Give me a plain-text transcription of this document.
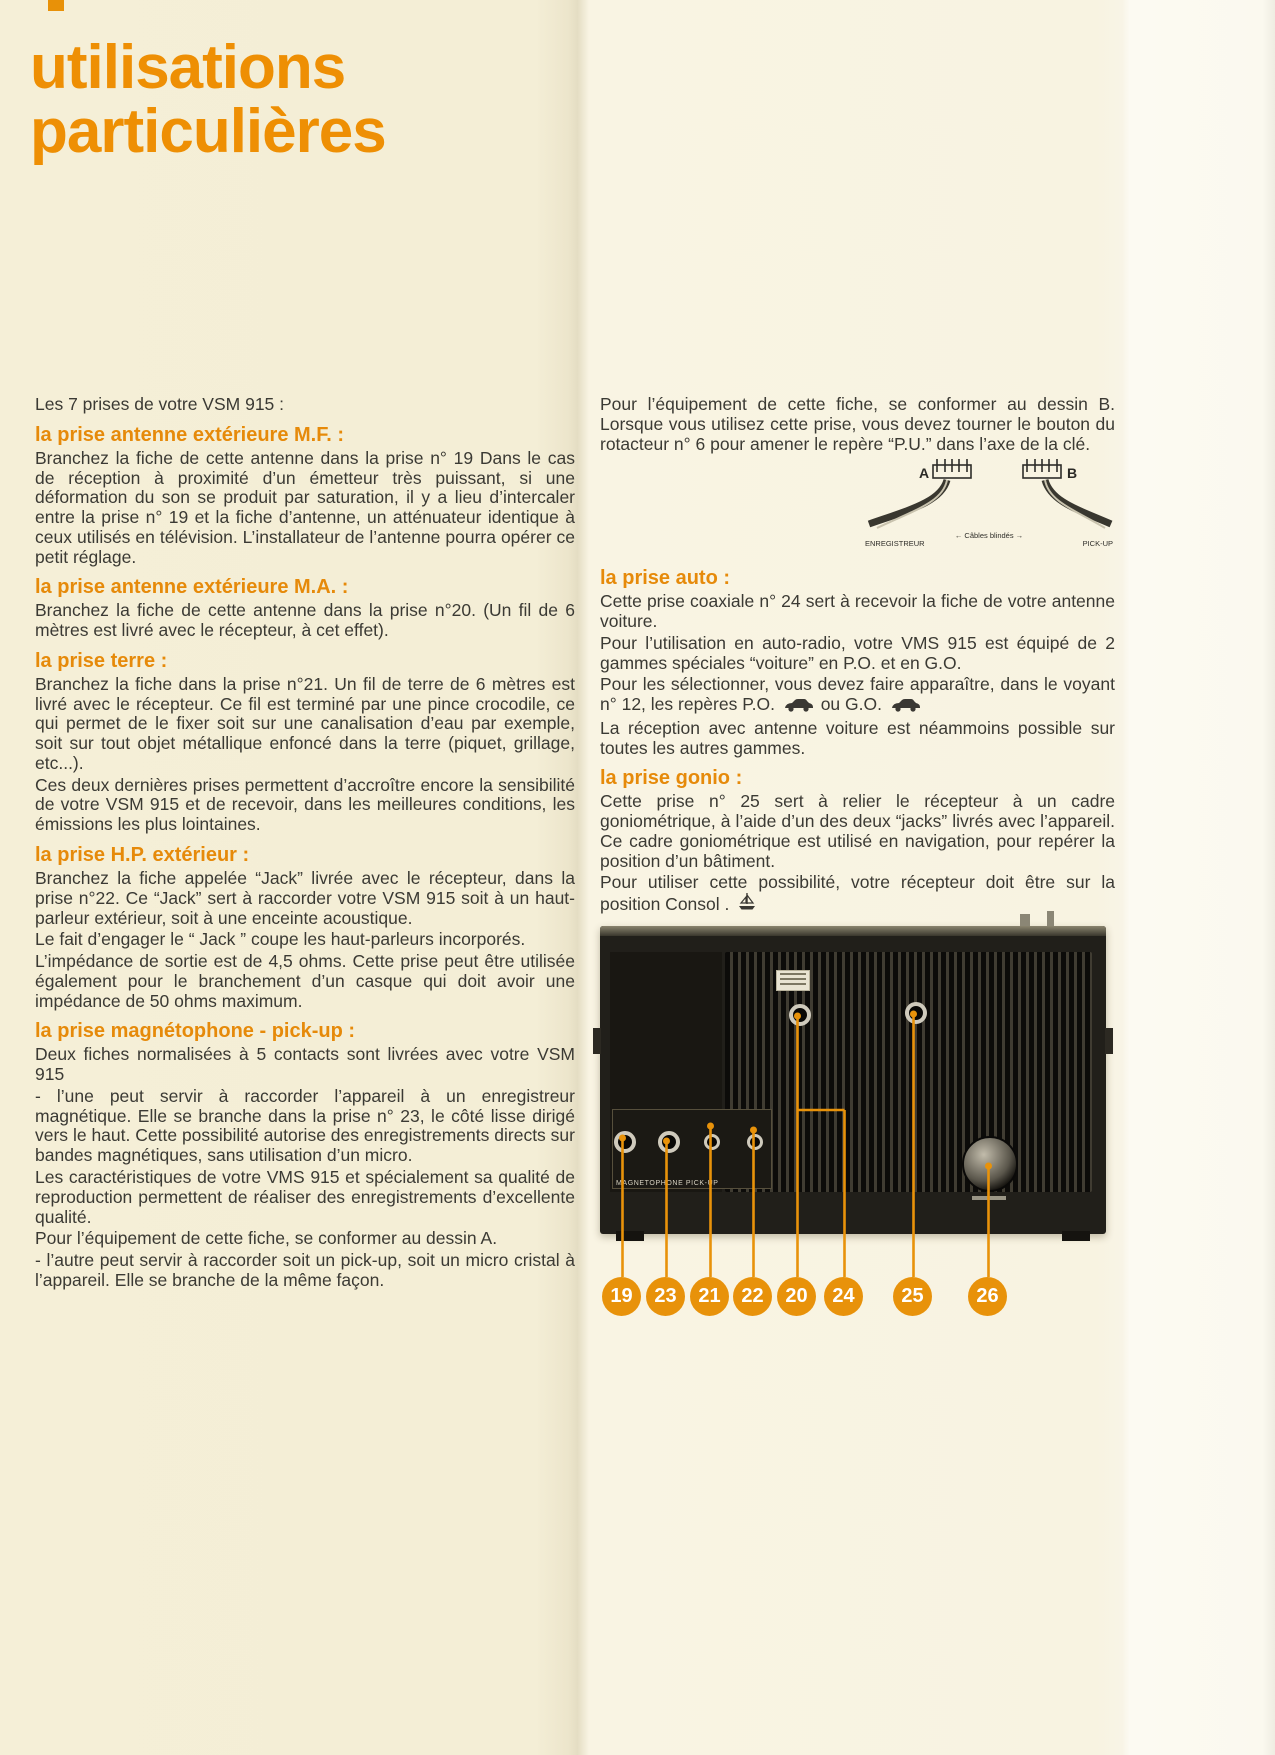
utilisations
particulières

Les 7 prises de votre VSM 915 :

la prise antenne extérieure M.F. :

Branchez la fiche de cette antenne dans la prise n° 19 Dans le cas de réception à proximité d’un émetteur très puissant, si une déformation du son se produit par saturation, il y a lieu d’intercaler entre la prise n° 19 et la fiche d’antenne, un atténuateur identique à ceux utilisés en télévision. L’installateur de l’antenne pourra opérer ce petit réglage.

la prise antenne extérieure M.A. :

Branchez la fiche de cette antenne dans la prise n°20. (Un fil de 6 mètres est livré avec le récepteur, à cet effet).

la prise terre :

Branchez la fiche dans la prise n°21. Un fil de terre de 6 mètres est livré avec le récepteur. Ce fil est terminé par une pince crocodile, ce qui permet de le fixer soit sur une canalisation d’eau par exemple, soit sur tout objet métallique enfoncé dans la terre (piquet, grillage, etc...).

Ces deux dernières prises permettent d’accroître encore la sensibilité de votre VSM 915 et de recevoir, dans les meilleures conditions, les émissions les plus lointaines.

la prise H.P. extérieur :

Branchez la fiche appelée “Jack” livrée avec le récepteur, dans la prise n°22. Ce “Jack” sert à raccorder votre VSM 915 soit à un haut-parleur extérieur, soit à une enceinte acoustique.

Le fait d’engager le “ Jack ” coupe les haut-parleurs incorporés.

L’impédance de sortie est de 4,5 ohms. Cette prise peut être utilisée également pour le branchement d’un casque qui doit avoir une impédance de 50 ohms maximum.

la prise magnétophone - pick-up :

Deux fiches normalisées à 5 contacts sont livrées avec votre VSM 915

- l’une peut servir à raccorder l’appareil à un enregistreur magnétique. Elle se branche dans la prise n° 23, le côté lisse dirigé vers le haut. Cette possibilité autorise des enregistrements directs sur bandes magnétiques, sans utilisation d’un micro.

Les caractéristiques de votre VMS 915 et spécialement sa qualité de reproduction permettent de réaliser des enregistrements d’excellente qualité.

Pour l’équipement de cette fiche, se conformer au dessin A.

- l’autre peut servir à raccorder soit un pick-up, soit un micro cristal à l’appareil. Elle se branche de la même façon.

Pour l’équipement de cette fiche, se conformer au dessin B. Lorsque vous utilisez cette prise, vous devez tourner le bouton du rotacteur n° 6 pour amener le repère “P.U.” dans l’axe de la clé.

A	B
ENREGISTREUR
← Câbles blindés →
PICK-UP
la prise auto :

Cette prise coaxiale n° 24 sert à recevoir la fiche de votre antenne voiture.

Pour l’utilisation en auto-radio, votre VMS 915 est équipé de 2 gammes spéciales “voiture” en P.O. et en G.O.

Pour les sélectionner, vous devez faire apparaître, dans le voyant n° 12, les repères P.O.  ou G.O.

La réception avec antenne voiture est néammoins possible sur toutes les autres gammes.

la prise gonio :

Cette prise n° 25 sert à relier le récepteur à un cadre goniométrique, à l’aide d’un des deux “jacks” livrés avec l’appareil. Ce cadre goniométrique est utilisé en navigation, pour repérer la position d’un bâtiment.

Pour utiliser cette possibilité, votre récepteur doit être sur la position Consol .

MAGNETOPHONE PICK-UP
19	23	21	22	20	24	25	26
